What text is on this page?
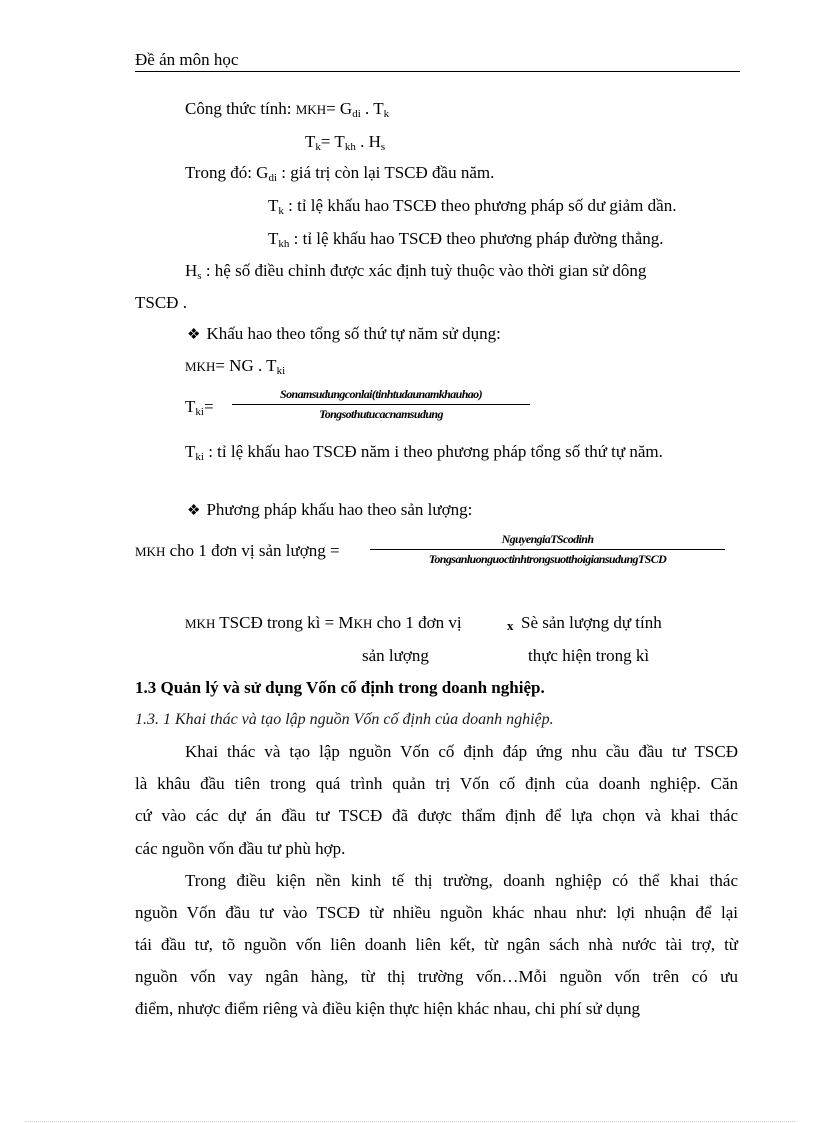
Đề án môn học
Công thức tính: $MKH= G_{di}$ . $T_k$
$T_k= T_{kh}$ . $H_s$
Trong đó: $G_{di}$ : giá trị còn lại TSCĐ đầu năm.
$T_k$ : tỉ lệ khấu hao TSCĐ theo phương pháp số dư giảm dần.
$T_{kh}$ : tỉ lệ khấu hao TSCĐ theo phương pháp đường thẳng.
$H_s$ : hệ số điều chỉnh được xác định tuỳ thuộc vào thời gian sử dông
TSCĐ .
❖ Khấu hao theo tổng số thứ tự năm sử dụng:
MKH= NG . $T_{ki}$
$T_{ki}=$
Sonamsudungconlai(tinhtudaunamkhauhao)
Tongsothutucacnamsudung
$T_{ki}$ : tỉ lệ khấu hao TSCĐ năm i theo phương pháp tổng số thứ tự năm.
❖ Phương pháp khấu hao theo sản lượng:
MKH cho 1 đơn vị sản lượng =
NguyengiaTScodinh
TongsanluonguoctinhtrongsuotthoigiansudungTSCD
MKH TSCĐ trong kì = MKH cho 1 đơn vị	x Sè sản lượng dự tính
sản lượng	thực hiện trong kì
1.3 Quản lý và sử dụng Vốn cố định trong doanh nghiệp.
1.3. 1 Khai thác và tạo lập nguồn Vốn cố định của doanh nghiệp.
Khai thác và tạo lập nguồn Vốn cố định đáp ứng nhu cầu đầu tư TSCĐ
là khâu đầu tiên trong quá trình quản trị Vốn cố định của doanh nghiệp. Căn
cứ vào các dự án đầu tư TSCĐ đã được thẩm định để lựa chọn và khai thác
các nguồn vốn đầu tư phù hợp.
Trong điều kiện nền kinh tế thị trường, doanh nghiệp có thể khai thác
nguồn Vốn đầu tư vào TSCĐ từ nhiều nguồn khác nhau như: lợi nhuận để lại
tái đầu tư, tõ nguồn vốn liên doanh liên kết, từ ngân sách nhà nước tài trợ, từ
nguồn vốn vay ngân hàng, từ thị trường vốn…Mỗi nguồn vốn trên có ưu
điểm, nhược điểm riêng và điều kiện thực hiện khác nhau, chi phí sử dụng
